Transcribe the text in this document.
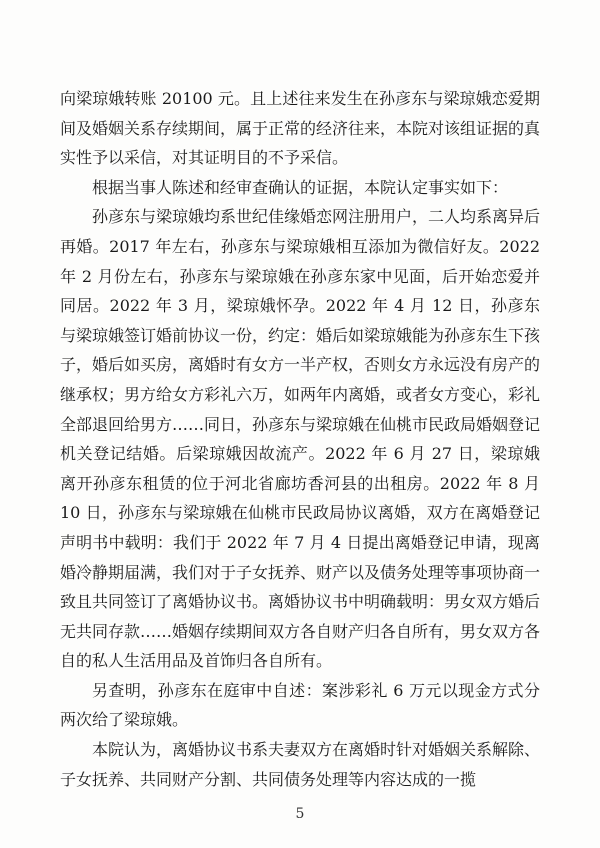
向梁琼娥转账 20100 元。且上述往来发生在孙彦东与梁琼娥恋爱期间及婚姻关系存续期间，属于正常的经济往来，本院对该组证据的真实性予以采信，对其证明目的不予采信。

根据当事人陈述和经审查确认的证据，本院认定事实如下：

孙彦东与梁琼娥均系世纪佳缘婚恋网注册用户，二人均系离异后再婚。2017 年左右，孙彦东与梁琼娥相互添加为微信好友。2022 年 2 月份左右，孙彦东与梁琼娥在孙彦东家中见面，后开始恋爱并同居。2022 年 3 月，梁琼娥怀孕。2022 年 4 月 12 日，孙彦东与梁琼娥签订婚前协议一份，约定：婚后如梁琼娥能为孙彦东生下孩子，婚后如买房，离婚时有女方一半产权，否则女方永远没有房产的继承权；男方给女方彩礼六万，如两年内离婚，或者女方变心，彩礼全部退回给男方……同日，孙彦东与梁琼娥在仙桃市民政局婚姻登记机关登记结婚。后梁琼娥因故流产。2022 年 6 月 27 日，梁琼娥离开孙彦东租赁的位于河北省廊坊香河县的出租房。2022 年 8 月 10 日，孙彦东与梁琼娥在仙桃市民政局协议离婚，双方在离婚登记声明书中载明：我们于 2022 年 7 月 4 日提出离婚登记申请，现离婚冷静期届满，我们对于子女抚养、财产以及债务处理等事项协商一致且共同签订了离婚协议书。离婚协议书中明确载明：男女双方婚后无共同存款……婚姻存续期间双方各自财产归各自所有，男女双方各自的私人生活用品及首饰归各自所有。

另查明，孙彦东在庭审中自述：案涉彩礼 6 万元以现金方式分两次给了梁琼娥。

本院认为，离婚协议书系夫妻双方在离婚时针对婚姻关系解除、子女抚养、共同财产分割、共同债务处理等内容达成的一揽

5
